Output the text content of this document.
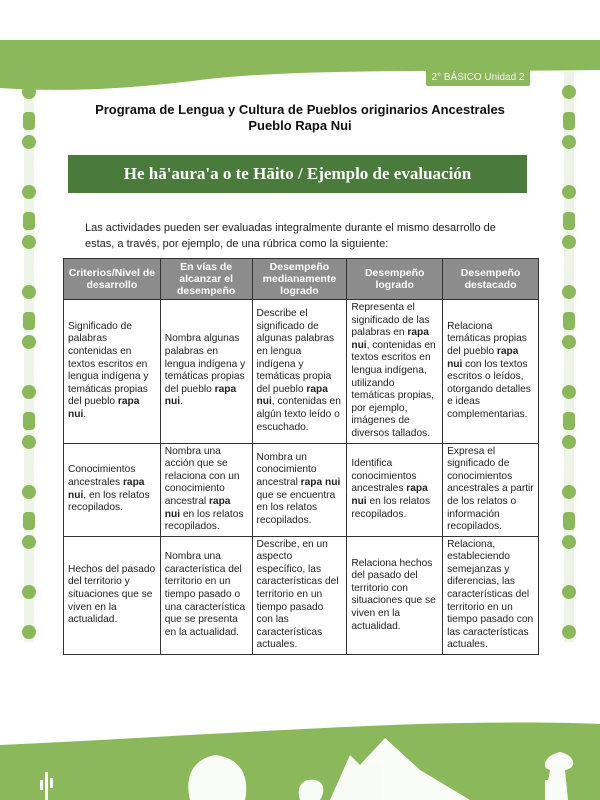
2° BÁSICO Unidad 2
Programa de Lengua y Cultura de Pueblos originarios Ancestrales
Pueblo Rapa Nui
He hā'aura'a o te Hāito / Ejemplo de evaluación
Las actividades pueden ser evaluadas integralmente durante el mismo desarrollo de estas, a través, por ejemplo, de una rúbrica como la siguiente:
Criterios/Nivel de desarrollo	En vías de alcanzar el desempeño	Desempeño medianamente logrado	Desempeño logrado	Desempeño destacado
Significado de palabras contenidas en textos escritos en lengua indígena y temáticas propias del pueblo rapa nui.	Nombra algunas palabras en lengua indígena y temáticas propias del pueblo rapa nui.	Describe el significado de algunas palabras en lengua indígena y temáticas propia del pueblo rapa nui, contenidas en algún texto leído o escuchado.	Representa el significado de las palabras en rapa nui, contenidas en textos escritos en lengua indígena, utilizando temáticas propias, por ejemplo, imágenes de diversos tallados.	Relaciona temáticas propias del pueblo rapa nui con los textos escritos o leídos, otorgando detalles e ideas complementarias.
Conocimientos ancestrales rapa nui, en los relatos recopilados.	Nombra una acción que se relaciona con un conocimiento ancestral rapa nui en los relatos recopilados.	Nombra un conocimiento ancestral rapa nui que se encuentra en los relatos recopilados.	Identifica conocimientos ancestrales rapa nui en los relatos recopilados.	Expresa el significado de conocimientos ancestrales a partir de los relatos o información recopilados.
Hechos del pasado del territorio y situaciones que se viven en la actualidad.	Nombra una característica del territorio en un tiempo pasado o una característica que se presenta en la actualidad.	Describe, en un aspecto específico, las características del territorio en un tiempo pasado con las características actuales.	Relaciona hechos del pasado del territorio con situaciones que se viven en la actualidad.	Relaciona, estableciendo semejanzas y diferencias, las características del territorio en un tiempo pasado con las características actuales.
